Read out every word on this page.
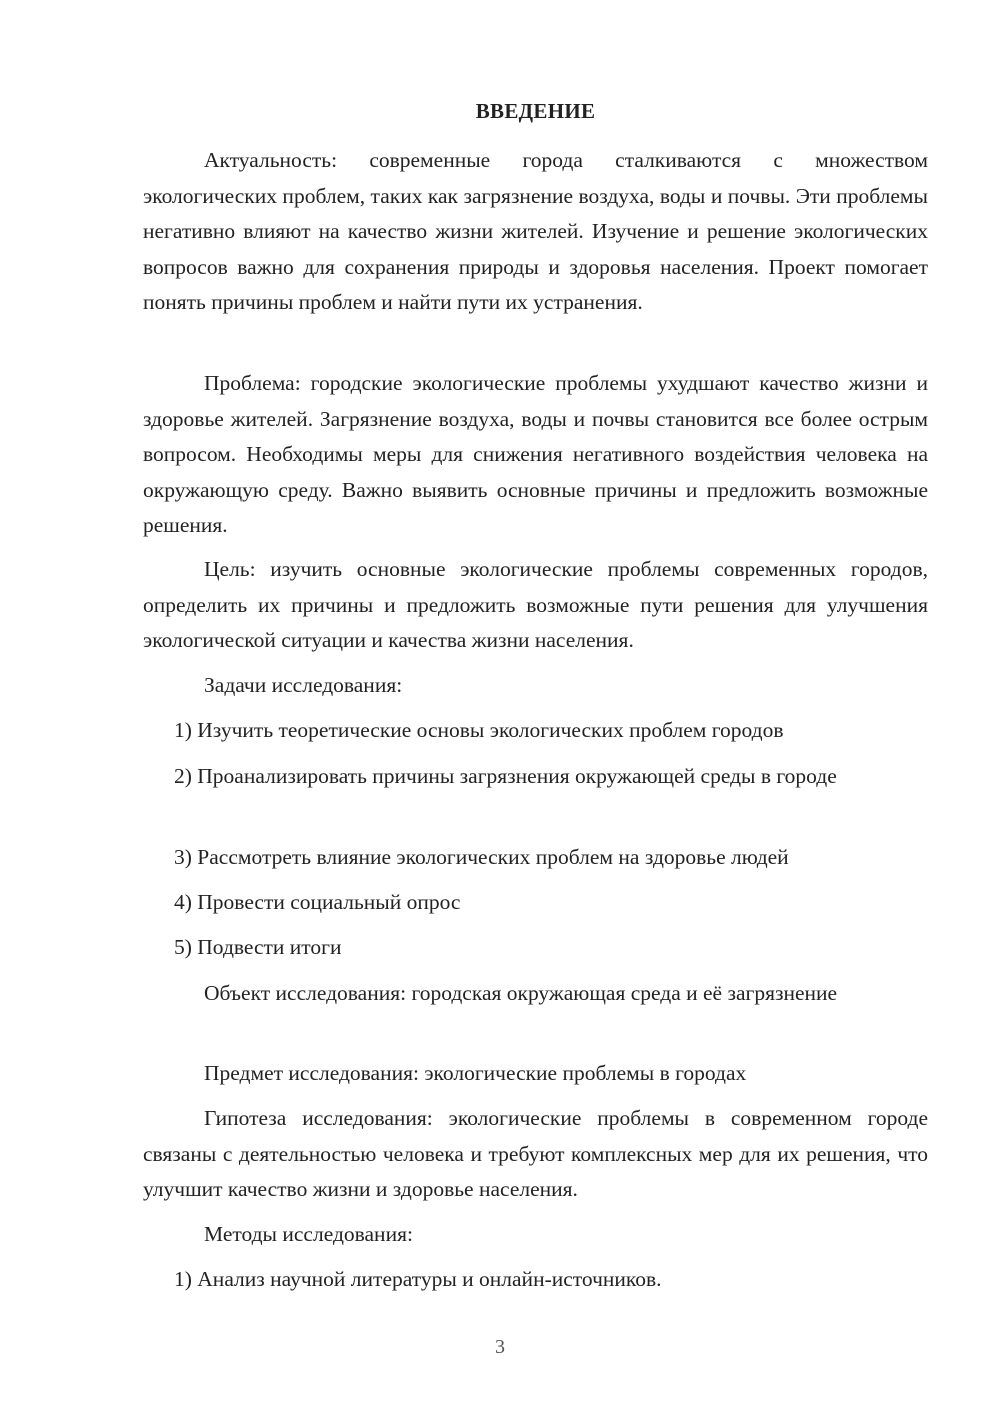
ВВЕДЕНИЕ

Актуальность: современные города сталкиваются с множеством экологических проблем, таких как загрязнение воздуха, воды и почвы. Эти проблемы негативно влияют на качество жизни жителей. Изучение и решение экологических вопросов важно для сохранения природы и здоровья населения. Проект помогает понять причины проблем и найти пути их устранения.

Проблема: городские экологические проблемы ухудшают качество жизни и здоровье жителей. Загрязнение воздуха, воды и почвы становится все более острым вопросом. Необходимы меры для снижения негативного воздействия человека на окружающую среду. Важно выявить основные причины и предложить возможные решения.

Цель: изучить основные экологические проблемы современных городов, определить их причины и предложить возможные пути решения для улучшения экологической ситуации и качества жизни населения.

Задачи исследования:

1) Изучить теоретические основы экологических проблем городов

2) Проанализировать причины загрязнения окружающей среды в городе

3) Рассмотреть влияние экологических проблем на здоровье людей

4) Провести социальный опрос

5) Подвести итоги

Объект исследования: городская окружающая среда и её загрязнение

Предмет исследования: экологические проблемы в городах

Гипотеза исследования: экологические проблемы в современном городе связаны с деятельностью человека и требуют комплексных мер для их решения, что улучшит качество жизни и здоровье населения.

Методы исследования:

1) Анализ научной литературы и онлайн-источников.

3
